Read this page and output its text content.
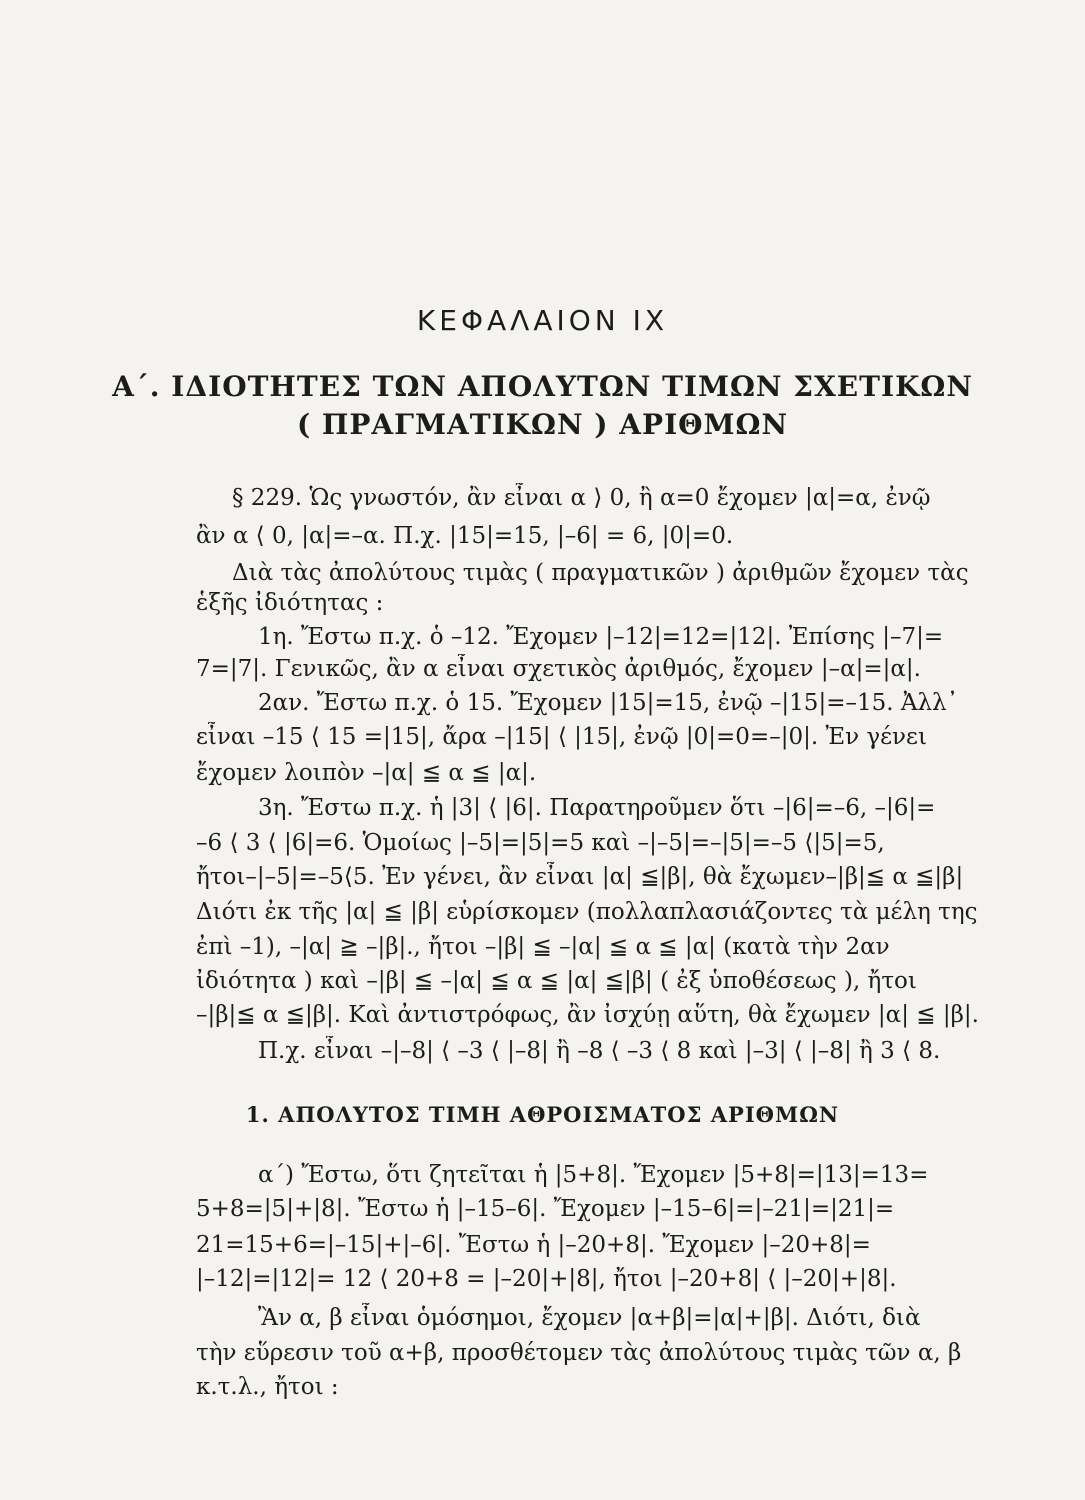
ΚΕΦΑΛΑΙΟΝ ΙΧ
Α΄. ΙΔΙΟΤΗΤΕΣ ΤΩΝ ΑΠΟΛΥΤΩΝ ΤΙΜΩΝ ΣΧΕΤΙΚΩΝ
( ΠΡΑΓΜΑΤΙΚΩΝ ) ΑΡΙΘΜΩΝ
§ 229. Ὡς γνωστόν, ἂν εἶναι α ⟩ 0, ἢ α=0 ἔχομεν |α|=α, ἐνῷ
ἂν α ⟨ 0, |α|=–α. Π.χ. |15|=15, |–6| = 6, |0|=0.
Διὰ τὰς ἀπολύτους τιμὰς ( πραγματικῶν ) ἀριθμῶν ἔχομεν τὰς
ἑξῆς ἰδιότητας :
1η. Ἔστω π.χ. ὁ –12. Ἔχομεν |–12|=12=|12|. Ἐπίσης |–7|=
7=|7|. Γενικῶς, ἂν α εἶναι σχετικὸς ἀριθμός, ἔχομεν |–α|=|α|.
2αν. Ἔστω π.χ. ὁ 15. Ἔχομεν |15|=15, ἐνῷ –|15|=–15. Ἀλλ᾽
εἶναι –15 ⟨ 15 =|15|, ἄρα –|15| ⟨ |15|, ἐνῷ |0|=0=–|0|. Ἐν γένει
ἔχομεν λοιπὸν –|α| ≦ α ≦ |α|.
3η. Ἔστω π.χ. ἡ |3| ⟨ |6|. Παρατηροῦμεν ὅτι –|6|=–6, –|6|=
–6 ⟨ 3 ⟨ |6|=6. Ὁμοίως |–5|=|5|=5 καὶ –|–5|=–|5|=–5 ⟨|5|=5,
ἤτοι–|–5|=–5⟨5. Ἐν γένει, ἂν εἶναι |α| ≦|β|, θὰ ἔχωμεν–|β|≦ α ≦|β|
Διότι ἐκ τῆς |α| ≦ |β| εὑρίσκομεν (πολλαπλασιάζοντες τὰ μέλη της
ἐπὶ –1), –|α| ≧ –|β|., ἤτοι –|β| ≦ –|α| ≦ α ≦ |α| (κατὰ τὴν 2αν
ἰδιότητα ) καὶ –|β| ≦ –|α| ≦ α ≦ |α| ≦|β| ( ἐξ ὑποθέσεως ), ἤτοι
–|β|≦ α ≦|β|. Καὶ ἀντιστρόφως, ἂν ἰσχύῃ αὕτη, θὰ ἔχωμεν |α| ≦ |β|.
Π.χ. εἶναι –|–8| ⟨ –3 ⟨ |–8| ἢ –8 ⟨ –3 ⟨ 8 καὶ |–3| ⟨ |–8| ἢ 3 ⟨ 8.
1. ΑΠΟΛΥΤΟΣ ΤΙΜΗ ΑΘΡΟΙΣΜΑΤΟΣ ΑΡΙΘΜΩΝ
α΄) Ἔστω, ὅτι ζητεῖται ἡ |5+8|. Ἔχομεν |5+8|=|13|=13=
5+8=|5|+|8|. Ἔστω ἡ |–15–6|. Ἔχομεν |–15–6|=|–21|=|21|=
21=15+6=|–15|+|–6|. Ἔστω ἡ |–20+8|. Ἔχομεν |–20+8|=
|–12|=|12|= 12 ⟨ 20+8 = |–20|+|8|, ἤτοι |–20+8| ⟨ |–20|+|8|.
Ἂν α, β εἶναι ὁμόσημοι, ἔχομεν |α+β|=|α|+|β|. Διότι, διὰ
τὴν εὕρεσιν τοῦ α+β, προσθέτομεν τὰς ἀπολύτους τιμὰς τῶν α, β
κ.τ.λ., ἤτοι :
